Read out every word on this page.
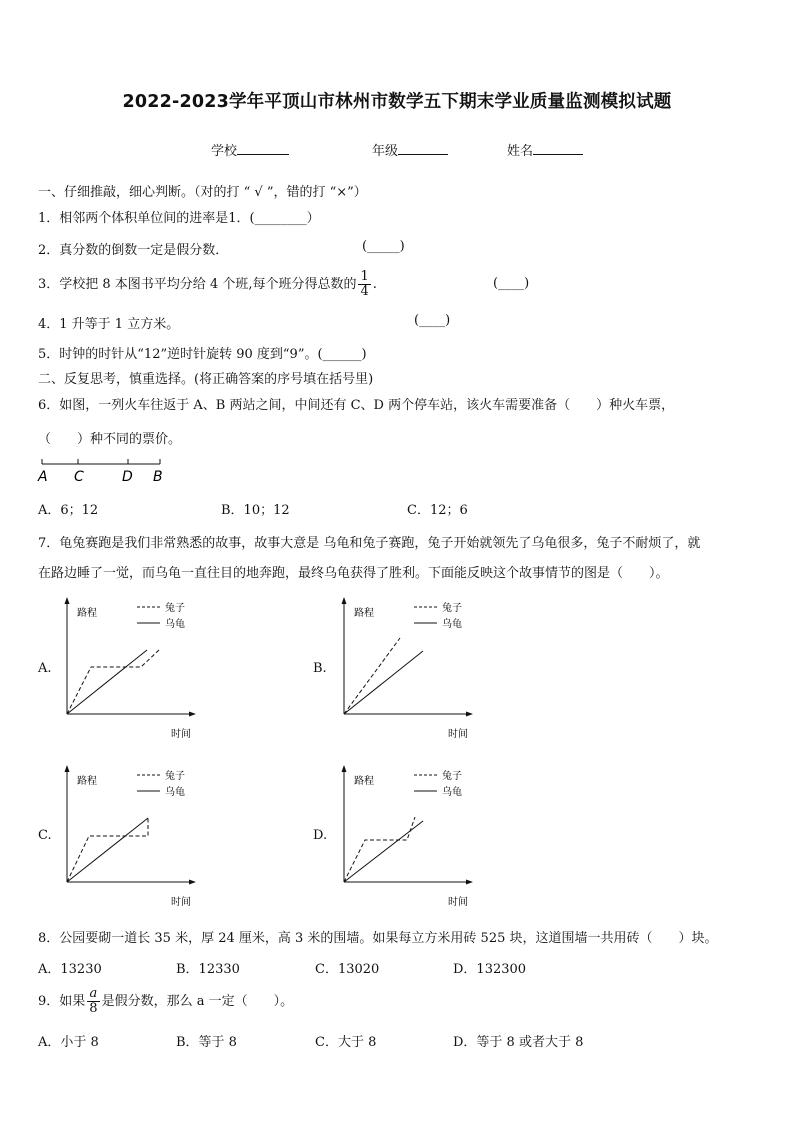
2022-2023学年平顶山市林州市数学五下期末学业质量监测模拟试题
学校	年级	姓名
一、仔细推敲，细心判断。（对的打 “ √ ”，错的打 “×”）
1．相邻两个体积单位间的进率是1．(________）
2．真分数的倒数一定是假分数．	(_____)
3．学校把 8 本图书平均分给 4 个班,每个班分得总数的 $\frac{1}{4}$ .	(____)
4．1 升等于 1 立方米。	(____)
5．时钟的时针从“12”逆时针旋转 90 度到“9”。(______)
二、反复思考，慎重选择。(将正确答案的序号填在括号里)
6．如图，一列火车往返于 A、B 两站之间，中间还有 C、D 两个停车站，该火车需要准备（　　）种火车票，
（　　）种不同的票价。
A C	D B
A．6；12	B．10；12	C．12；6
7．龟兔赛跑是我们非常熟悉的故事，故事大意是 乌龟和兔子赛跑，兔子开始就领先了乌龟很多，兔子不耐烦了，就
在路边睡了一觉，而乌龟一直往目的地奔跑，最终乌龟获得了胜利。下面能反映这个故事情节的图是（　　）。
A.
路程
时间
兔子
乌龟
B.
路程
时间
兔子
乌龟
C.
路程
时间
兔子
乌龟
D.
路程
时间
兔子
乌龟
8．公园要砌一道长 35 米，厚 24 厘米，高 3 米的围墙。如果每立方米用砖 525 块，这道围墙一共用砖（　　）块。
A．13230	B．12330	C．13020	D．132300
9．如果 $\frac{a}{8}$ 是假分数，那么 a 一定（　　）。
A．小于 8	B．等于 8	C．大于 8	D．等于 8 或者大于 8
